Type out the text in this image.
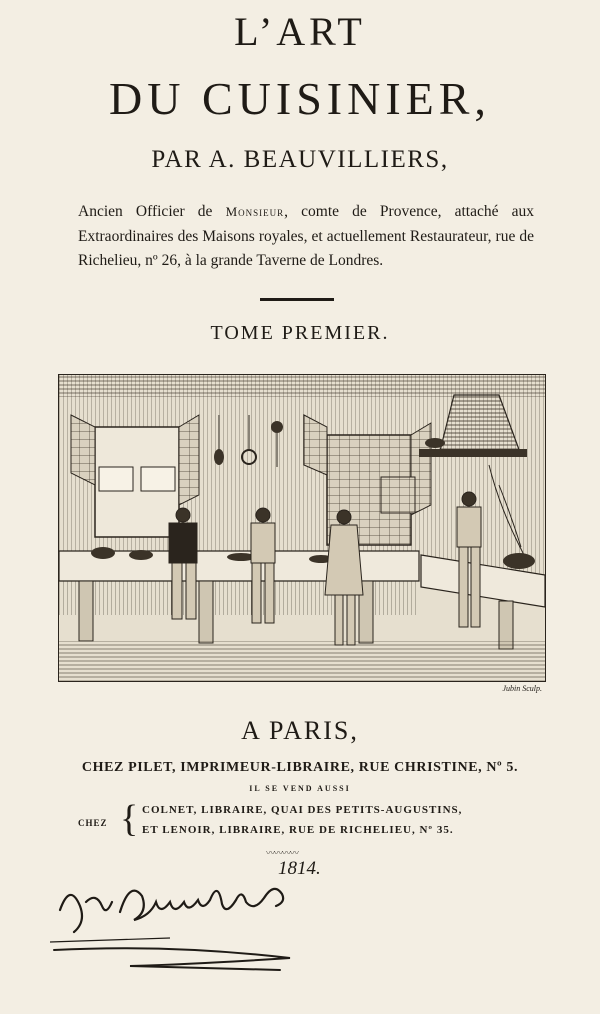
L’ART
DU CUISINIER,
PAR A. BEAUVILLIERS,
Ancien Officier de Monsieur, comte de Provence, attaché aux Extraordinaires des Maisons royales, et actuellement Restaurateur, rue de Richelieu, nº 26, à la grande Taverne de Londres.
TOME PREMIER.
Jubin Sculp.
A PARIS,
CHEZ PILET, IMPRIMEUR-LIBRAIRE, RUE CHRISTINE, Nº 5.
IL SE VEND AUSSI
CHEZ { COLNET, LIBRAIRE, QUAI DES PETITS-AUGUSTINS,
ET LENOIR, LIBRAIRE, RUE DE RICHELIEU, Nº 35.
〰〰〰〰
1814.
